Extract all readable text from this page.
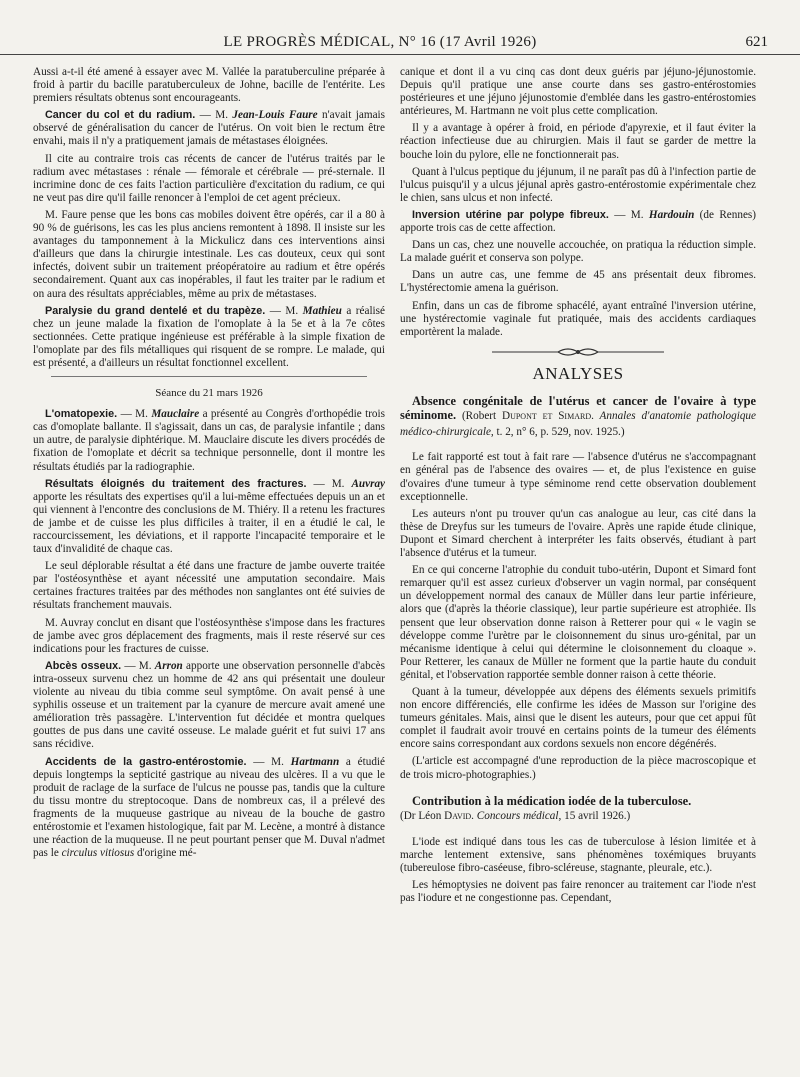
LE PROGRÈS MÉDICAL, N° 16 (17 Avril 1926)	621

Aussi a-t-il été amené à essayer avec M. Vallée la paratuberculine préparée à froid à partir du bacille paratuberculeux de Johne, bacille de l'entérite. Les premiers résultats obtenus sont encourageants.

Cancer du col et du radium. — M. Jean-Louis Faure n'avait jamais observé de généralisation du cancer de l'utérus. On voit bien le rectum être envahi, mais il n'y a pratiquement jamais de métastases éloignées.

Il cite au contraire trois cas récents de cancer de l'utérus traités par le radium avec métastases : rénale — fémorale et cérébrale — pré-sternale. Il incrimine donc de ces faits l'action particulière d'excitation du radium, ce qui ne veut pas dire qu'il faille renoncer à l'emploi de cet agent précieux.

M. Faure pense que les bons cas mobiles doivent être opérés, car il a 80 à 90 % de guérisons, les cas les plus anciens remontent à 1898. Il insiste sur les avantages du tamponnement à la Mickulicz dans ces interventions ainsi d'ailleurs que dans la chirurgie intestinale. Les cas douteux, ceux qui sont infectés, doivent subir un traitement préopératoire au radium et être opérés secondairement. Quant aux cas inopérables, il faut les traiter par le radium et on aura des résultats appréciables, même au prix de métastases.

Paralysie du grand dentelé et du trapèze. — M. Mathieu a réalisé chez un jeune malade la fixation de l'omoplate à la 5e et à la 7e côtes sectionnées. Cette pratique ingénieuse est préférable à la simple fixation de l'omoplate par des fils métalliques qui risquent de se rompre. Le malade, qui est présenté, a d'ailleurs un résultat fonctionnel excellent.

Séance du 21 mars 1926

L'omatopexie. — M. Mauclaire a présenté au Congrès d'orthopédie trois cas d'omoplate ballante. Il s'agissait, dans un cas, de paralysie infantile ; dans un autre, de paralysie diphtérique. M. Mauclaire discute les divers procédés de fixation de l'omoplate et décrit sa technique personnelle, dont il montre les résultats étudiés par la radiographie.

Résultats éloignés du traitement des fractures. — M. Auvray apporte les résultats des expertises qu'il a lui-même effectuées depuis un an et qui viennent à l'encontre des conclusions de M. Thiéry. Il a retenu les fractures de jambe et de cuisse les plus difficiles à traiter, il en a étudié le cal, le raccourcissement, les déviations, et il rapporte l'incapacité temporaire et le taux d'invalidité de chaque cas.

Le seul déplorable résultat a été dans une fracture de jambe ouverte traitée par l'ostéosynthèse et ayant nécessité une amputation secondaire. Mais certaines fractures traitées par des méthodes non sanglantes ont été suivies de résultats franchement mauvais.

M. Auvray conclut en disant que l'ostéosynthèse s'impose dans les fractures de jambe avec gros déplacement des fragments, mais il reste réservé sur ces indications pour les fractures de cuisse.

Abcès osseux. — M. Arron apporte une observation personnelle d'abcès intra-osseux survenu chez un homme de 42 ans qui présentait une douleur violente au niveau du tibia comme seul symptôme. On avait pensé à une syphilis osseuse et un traitement par la cyanure de mercure avait amené une amélioration très passagère. L'intervention fut décidée et montra quelques gouttes de pus dans une cavité osseuse. Le malade guérit et fut suivi 17 ans sans récidive.

Accidents de la gastro-entérostomie. — M. Hartmann a étudié depuis longtemps la septicité gastrique au niveau des ulcères. Il a vu que le produit de raclage de la surface de l'ulcus ne pousse pas, tandis que la culture du tissu montre du streptocoque. Dans de nombreux cas, il a prélevé des fragments de la muqueuse gastrique au niveau de la bouche de gastro entérostomie et l'examen histologique, fait par M. Lecène, a montré à distance une réaction de la muqueuse. Il ne peut pourtant penser que M. Duval n'admet pas le circulus vitiosus d'origine mé-

canique et dont il a vu cinq cas dont deux guéris par jéjuno-jéjunostomie. Depuis qu'il pratique une anse courte dans ses gastro-entérostomies postérieures et une jéjuno jéjunostomie d'emblée dans les gastro-entérostomies antérieures, M. Hartmann ne voit plus cette complication.

Il y a avantage à opérer à froid, en période d'apyrexie, et il faut éviter la réaction infectieuse due au chirurgien. Mais il faut se garder de mettre la bouche loin du pylore, elle ne fonctionnerait pas.

Quant à l'ulcus peptique du jéjunum, il ne paraît pas dû à l'infection partie de l'ulcus puisqu'il y a ulcus jéjunal après gastro-entérostomie expérimentale chez le chien, sans ulcus et non infecté.

Inversion utérine par polype fibreux. — M. Hardouin (de Rennes) apporte trois cas de cette affection.

Dans un cas, chez une nouvelle accouchée, on pratiqua la réduction simple. La malade guérit et conserva son polype.

Dans un autre cas, une femme de 45 ans présentait deux fibromes. L'hystérectomie amena la guérison.

Enfin, dans un cas de fibrome sphacélé, ayant entraîné l'inversion utérine, une hystérectomie vaginale fut pratiquée, mais des accidents cardiaques emportèrent la malade.

ANALYSES

Absence congénitale de l'utérus et cancer de l'ovaire à type séminome. (Robert Dupont et Simard. Annales d'anatomie pathologique médico-chirurgicale, t. 2, n° 6, p. 529, nov. 1925.)

Le fait rapporté est tout à fait rare — l'absence d'utérus ne s'accompagnant en général pas de l'absence des ovaires — et, de plus l'existence en guise d'ovaires d'une tumeur à type séminome rend cette observation doublement exceptionnelle.

Les auteurs n'ont pu trouver qu'un cas analogue au leur, cas cité dans la thèse de Dreyfus sur les tumeurs de l'ovaire. Après une rapide étude clinique, Dupont et Simard cherchent à interpréter les faits observés, étudiant à part l'absence d'utérus et la tumeur.

En ce qui concerne l'atrophie du conduit tubo-utérin, Dupont et Simard font remarquer qu'il est assez curieux d'observer un vagin normal, par conséquent un développement normal des canaux de Müller dans leur partie inférieure, alors que (d'après la théorie classique), leur partie supérieure est atrophiée. Ils pensent que leur observation donne raison à Retterer pour qui « le vagin se développe comme l'urètre par le cloisonnement du sinus uro-génital, par un mécanisme identique à celui qui détermine le cloisonnement du cloaque ». Pour Retterer, les canaux de Müller ne forment que la partie haute du conduit génital, et l'observation rapportée semble donner raison à cette théorie.

Quant à la tumeur, développée aux dépens des éléments sexuels primitifs non encore différenciés, elle confirme les idées de Masson sur l'origine des tumeurs génitales. Mais, ainsi que le disent les auteurs, pour que cet appui fût complet il faudrait avoir trouvé en certains points de la tumeur des éléments encore sains correspondant aux cordons sexuels non encore dégénérés.

(L'article est accompagné d'une reproduction de la pièce macroscopique et de trois micro-photographies.)

Contribution à la médication iodée de la tuberculose.
(Dr Léon David. Concours médical, 15 avril 1926.)

L'iode est indiqué dans tous les cas de tuberculose à lésion limitée et à marche lentement extensive, sans phénomènes toxémiques bruyants (tubereulose fibro-caséeuse, fibro-scléreuse, stagnante, pleurale, etc.).

Les hémoptysies ne doivent pas faire renoncer au traitement car l'iode n'est pas l'iodure et ne congestionne pas. Cependant,
